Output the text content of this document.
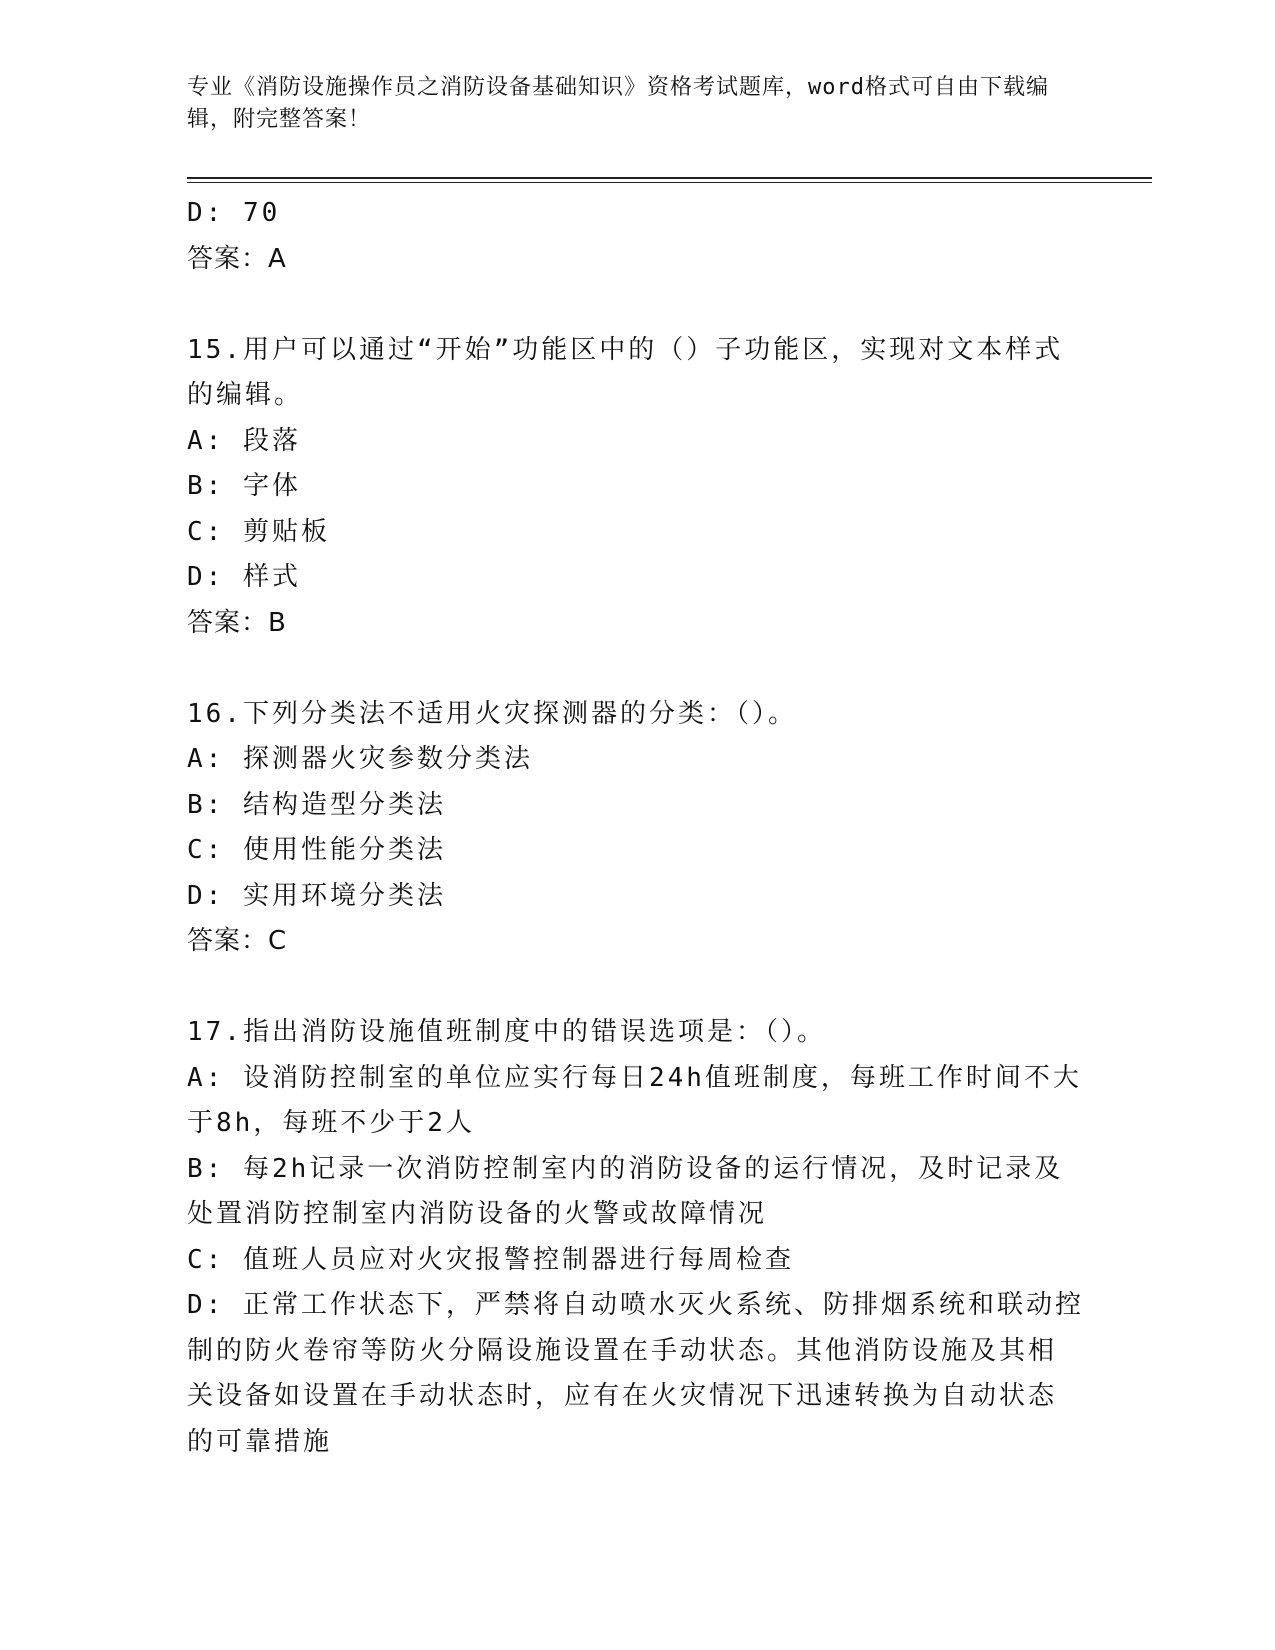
专业《消防设施操作员之消防设备基础知识》资格考试题库，word格式可自由下载编辑，附完整答案！
D: 70
答案：A
15.用户可以通过“开始”功能区中的（）子功能区，实现对文本样式
的编辑。
A: 段落
B: 字体
C: 剪贴板
D: 样式
答案：B
16.下列分类法不适用火灾探测器的分类：（）。
A: 探测器火灾参数分类法
B: 结构造型分类法
C: 使用性能分类法
D: 实用环境分类法
答案：C
17.指出消防设施值班制度中的错误选项是：（）。
A: 设消防控制室的单位应实行每日24h值班制度，每班工作时间不大
于8h，每班不少于2人
B: 每2h记录一次消防控制室内的消防设备的运行情况，及时记录及
处置消防控制室内消防设备的火警或故障情况
C: 值班人员应对火灾报警控制器进行每周检查
D: 正常工作状态下，严禁将自动喷水灭火系统、防排烟系统和联动控
制的防火卷帘等防火分隔设施设置在手动状态。其他消防设施及其相
关设备如设置在手动状态时，应有在火灾情况下迅速转换为自动状态
的可靠措施
